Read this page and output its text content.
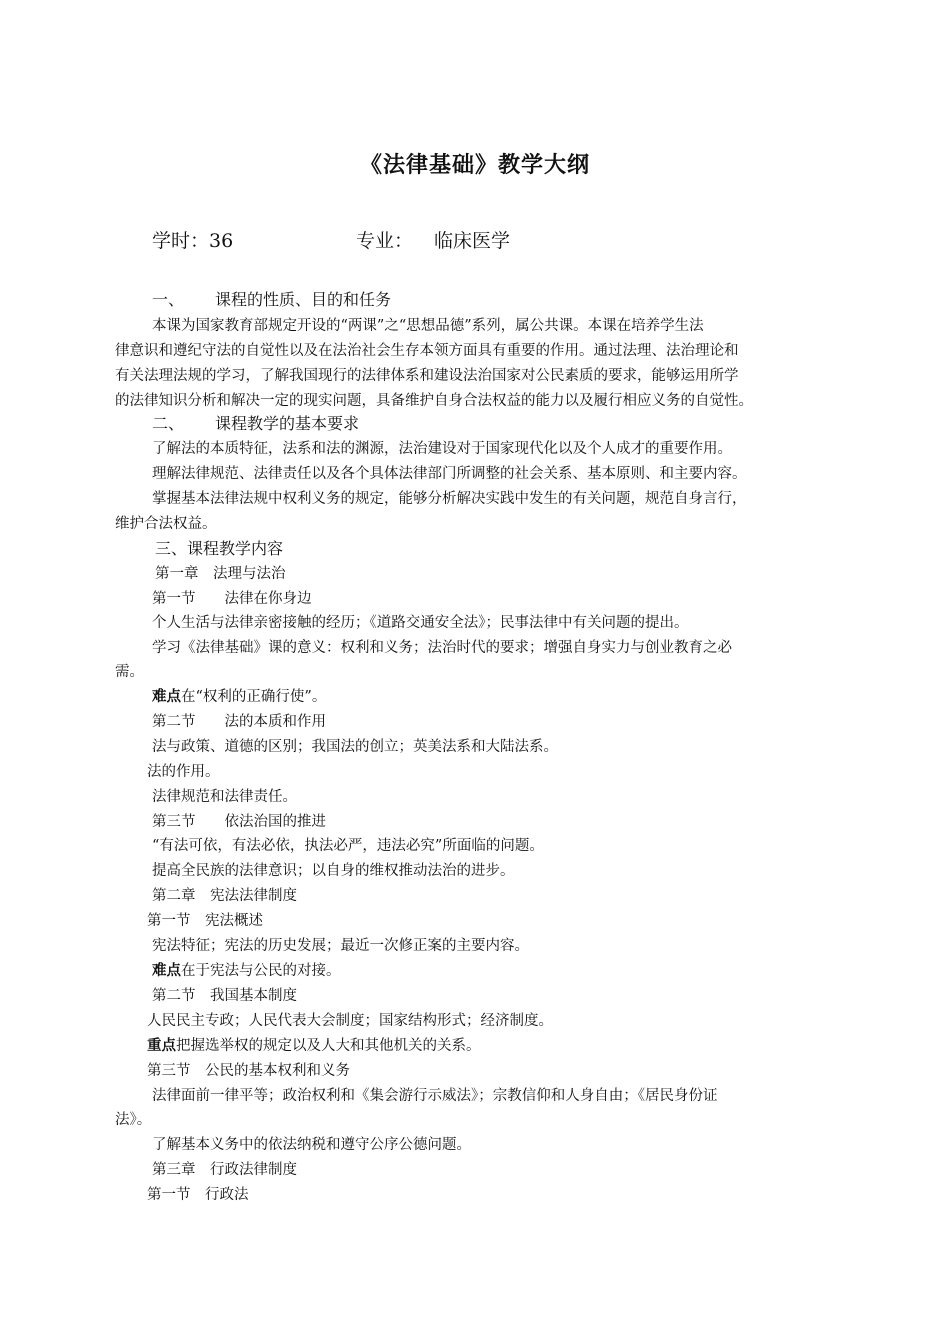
《法律基础》教学大纲
学时：36	专业： 临床医学
一、 课程的性质、目的和任务
本课为国家教育部规定开设的“两课”之“思想品德”系列，属公共课。本课在培养学生法
律意识和遵纪守法的自觉性以及在法治社会生存本领方面具有重要的作用。通过法理、法治理论和
有关法理法规的学习，了解我国现行的法律体系和建设法治国家对公民素质的要求，能够运用所学
的法律知识分析和解决一定的现实问题，具备维护自身合法权益的能力以及履行相应义务的自觉性。
二、 课程教学的基本要求
了解法的本质特征，法系和法的渊源，法治建设对于国家现代化以及个人成才的重要作用。
理解法律规范、法律责任以及各个具体法律部门所调整的社会关系、基本原则、和主要内容。
掌握基本法律法规中权利义务的规定，能够分析解决实践中发生的有关问题，规范自身言行，
维护合法权益。
三、课程教学内容
第一章　法理与法治
第一节　　法律在你身边
个人生活与法律亲密接触的经历；《道路交通安全法》；民事法律中有关问题的提出。
学习《法律基础》课的意义：权利和义务；法治时代的要求；增强自身实力与创业教育之必
需。
难点在“权利的正确行使”。
第二节　　法的本质和作用
法与政策、道德的区别；我国法的创立；英美法系和大陆法系。
法的作用。
法律规范和法律责任。
第三节　　依法治国的推进
“有法可依，有法必依，执法必严，违法必究”所面临的问题。
提高全民族的法律意识；以自身的维权推动法治的进步。
第二章　宪法法律制度
第一节　宪法概述
宪法特征；宪法的历史发展；最近一次修正案的主要内容。
难点在于宪法与公民的对接。
第二节　我国基本制度
人民民主专政；人民代表大会制度；国家结构形式；经济制度。
重点把握选举权的规定以及人大和其他机关的关系。
第三节　公民的基本权利和义务
法律面前一律平等；政治权利和《集会游行示威法》；宗教信仰和人身自由；《居民身份证
法》。
了解基本义务中的依法纳税和遵守公序公德问题。
第三章　行政法律制度
第一节　行政法
